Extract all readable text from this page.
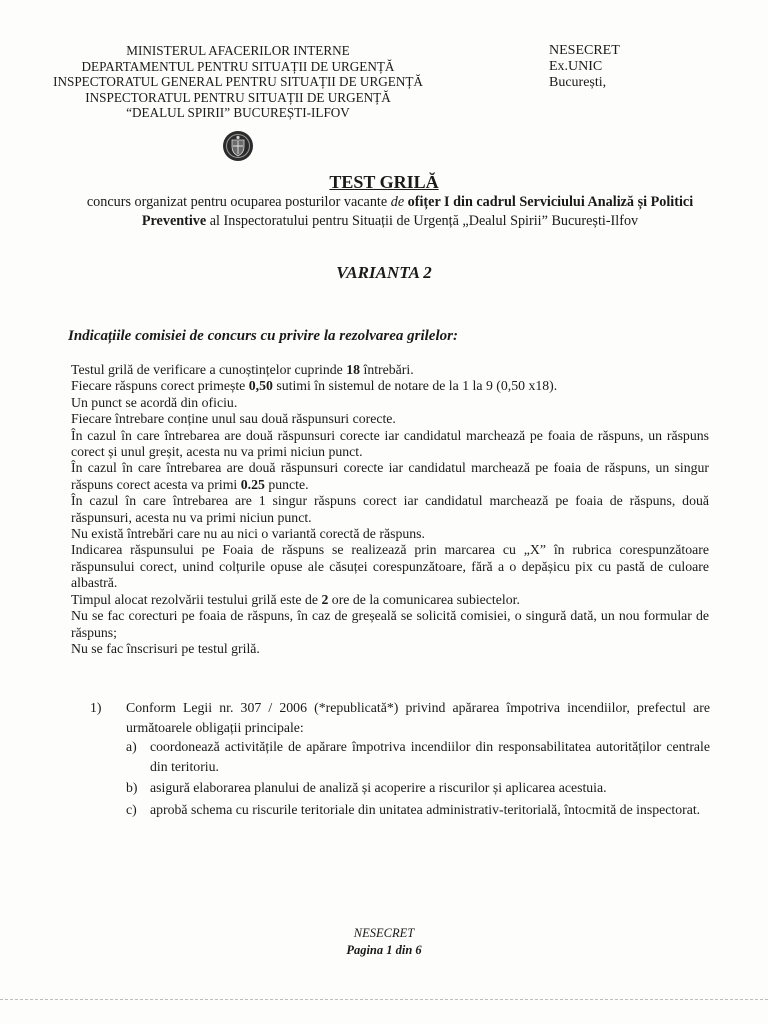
MINISTERUL AFACERILOR INTERNE
DEPARTAMENTUL PENTRU SITUAȚII DE URGENȚĂ
INSPECTORATUL GENERAL PENTRU SITUAȚII DE URGENȚĂ
INSPECTORATUL PENTRU SITUAȚII DE URGENȚĂ
“DEALUL SPIRII” BUCUREȘTI-ILFOV
NESECRET
Ex.UNIC
București,
TEST GRILĂ
concurs organizat pentru ocuparea posturilor vacante de ofițer I din cadrul Serviciului Analiză și Politici Preventive al Inspectoratului pentru Situații de Urgență „Dealul Spirii” București-Ilfov
VARIANTA 2
Indicațiile comisiei de concurs cu privire la rezolvarea grilelor:

Testul grilă de verificare a cunoștințelor cuprinde 18 întrebări.

Fiecare răspuns corect primește 0,50 sutimi în sistemul de notare de la 1 la 9 (0,50 x18).

Un punct se acordă din oficiu.

Fiecare întrebare conține unul sau două răspunsuri corecte.

În cazul în care întrebarea are două răspunsuri corecte iar candidatul marchează pe foaia de răspuns, un răspuns corect și unul greșit, acesta nu va primi niciun punct.

În cazul în care întrebarea are două răspunsuri corecte iar candidatul marchează pe foaia de răspuns, un singur răspuns corect acesta va primi 0.25 puncte.

În cazul în care întrebarea are 1 singur răspuns corect iar candidatul marchează pe foaia de răspuns, două răspunsuri, acesta nu va primi niciun punct.

Nu există întrebări care nu au nici o variantă corectă de răspuns.

Indicarea răspunsului pe Foaia de răspuns se realizează prin marcarea cu „X” în rubrica corespunzătoare răspunsului corect, unind colțurile opuse ale căsuței corespunzătoare, fără a o depășicu pix cu pastă de culoare albastră.

Timpul alocat rezolvării testului grilă este de 2 ore de la comunicarea subiectelor.

Nu se fac corecturi pe foaia de răspuns, în caz de greșeală se solicită comisiei, o singură dată, un nou formular de răspuns;

Nu se fac înscrisuri pe testul grilă.

1)	Conform Legii nr. 307 / 2006 (*republicată*) privind apărarea împotriva incendiilor, prefectul are următoarele obligații principale:
a) coordonează activitățile de apărare împotriva incendiilor din responsabilitatea autorităților centrale din teritoriu.
b) asigură elaborarea planului de analiză și acoperire a riscurilor și aplicarea acestuia.
c) aprobă schema cu riscurile teritoriale din unitatea administrativ-teritorială, întocmită de inspectorat.
NESECRET
Pagina 1 din 6
